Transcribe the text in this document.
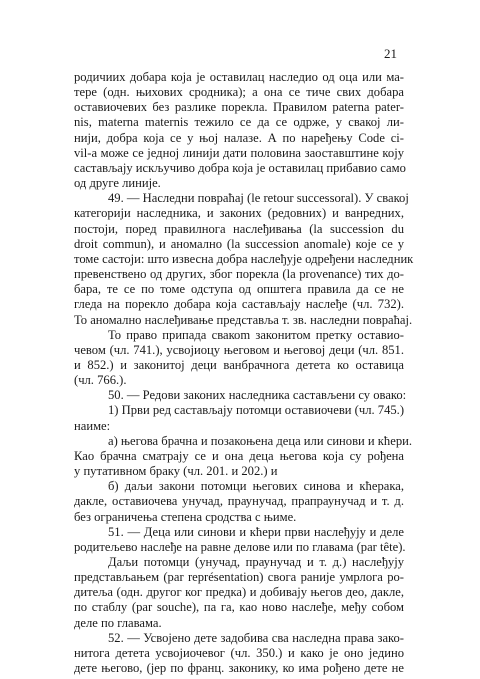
21
родичиих добара која је оставилац наследио од оца или ма-
тере (одн. њихових сродника); а она се тиче свих добара
оставиочевих без разлике порекла. Правилом paterna pater-
nis, materna maternis тежило се да се одржe, у свакој ли-
нији, добра која се у њој налазе. А по нарeђењу Code ci-
vil-а може се једној линији дати половина заоставштине коју
састављају искључиво добра која је оставилац прибавио само
од друге линије.
49. — Наследни повраћај (le retour successoral). У свакој
категорији наследника, и законих (редовних) и ванредних,
постоји, поред правилнога наслеђивања (la succession du
droit commun), и аномално (la succession anomale) које се у
томе састоји: што извесна добра наслеђује одређени наследник
превенствено од других, због порекла (la provenance) тих до-
бара, те се по томе одступа од општега правила да се не
гледа на порекло добара која састављају наслеђе (чл. 732).
То аномално наслеђивање представља т. зв. наследни повраћај.
То право припада свакоm законитом претку оставио-
чевом (чл. 741.), усвојиоцу његовом и његовој деци (чл. 851.
и 852.) и законитој деци ванбрачнога детета ко оставица
(чл. 766.).
50. — Редови законих наследника састављени су овако:
1) Први ред састављају потомци оставиочеви (чл. 745.)
наиме:
а) његова брачна и позакоњена деца или синови и кћери.
Као брачна сматрају се и она деца његова која су рођена
у путативном браку (чл. 201. и 202.) и
б) даљи закони потомци његових синова и кћерака,
дакле, оставиочева унучад, праунучад, прапраунучад и т. д.
без ограничења степена сродства с њиме.
51. — Деца или синови и кћери први наслеђују и деле
родитељево наслеђе на равне делове или по главама (par tête).
Даљи потомци (унучад, праунучад и т. д.) наслеђују
представљањем (par représentation) свога раније умрлога ро-
дитеља (одн. другог ког предка) и добивају његов део, дакле,
по стаблу (par souche), па га, као ново наслеђе, међу собом
деле по главама.
52. — Усвојено дете задобива сва наследна права зако-
нитога детета усвојиочевог (чл. 350.) и како је оно једино
дете његово, (јер по франц. законику, ко има рођено дете не
